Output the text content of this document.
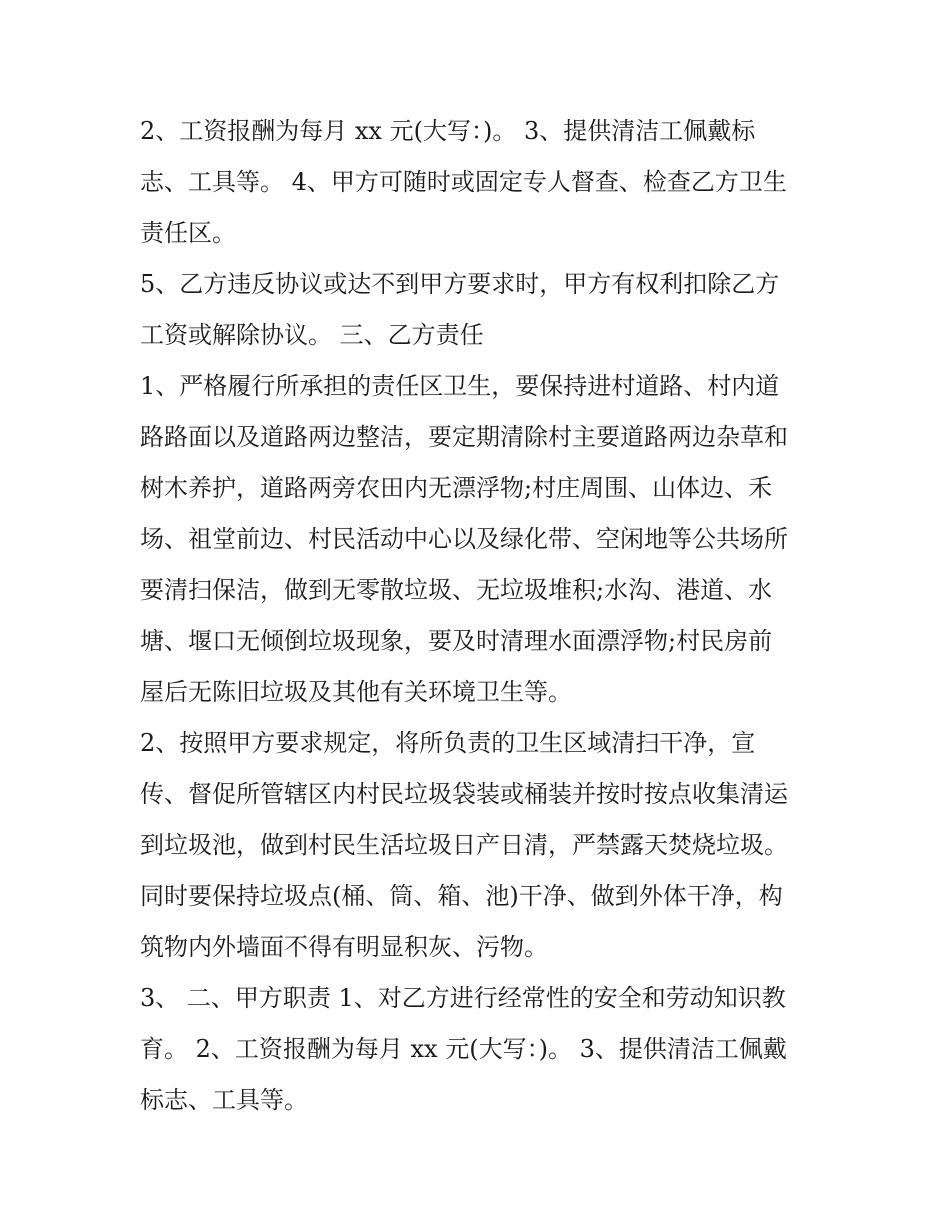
2、工资报酬为每月 xx 元(大写：)。 3、提供清洁工佩戴标
志、工具等。 4、甲方可随时或固定专人督查、检查乙方卫生
责任区。
5、乙方违反协议或达不到甲方要求时，甲方有权利扣除乙方
工资或解除协议。 三、乙方责任
1、严格履行所承担的责任区卫生，要保持进村道路、村内道
路路面以及道路两边整洁，要定期清除村主要道路两边杂草和
树木养护，道路两旁农田内无漂浮物;村庄周围、山体边、禾
场、祖堂前边、村民活动中心以及绿化带、空闲地等公共场所
要清扫保洁，做到无零散垃圾、无垃圾堆积;水沟、港道、水
塘、堰口无倾倒垃圾现象，要及时清理水面漂浮物;村民房前
屋后无陈旧垃圾及其他有关环境卫生等。
2、按照甲方要求规定，将所负责的卫生区域清扫干净，宣
传、督促所管辖区内村民垃圾袋装或桶装并按时按点收集清运
到垃圾池，做到村民生活垃圾日产日清，严禁露天焚烧垃圾。
同时要保持垃圾点(桶、筒、箱、池)干净、做到外体干净，构
筑物内外墙面不得有明显积灰、污物。
3、 二、甲方职责 1、对乙方进行经常性的安全和劳动知识教
育。 2、工资报酬为每月 xx 元(大写：)。 3、提供清洁工佩戴
标志、工具等。
